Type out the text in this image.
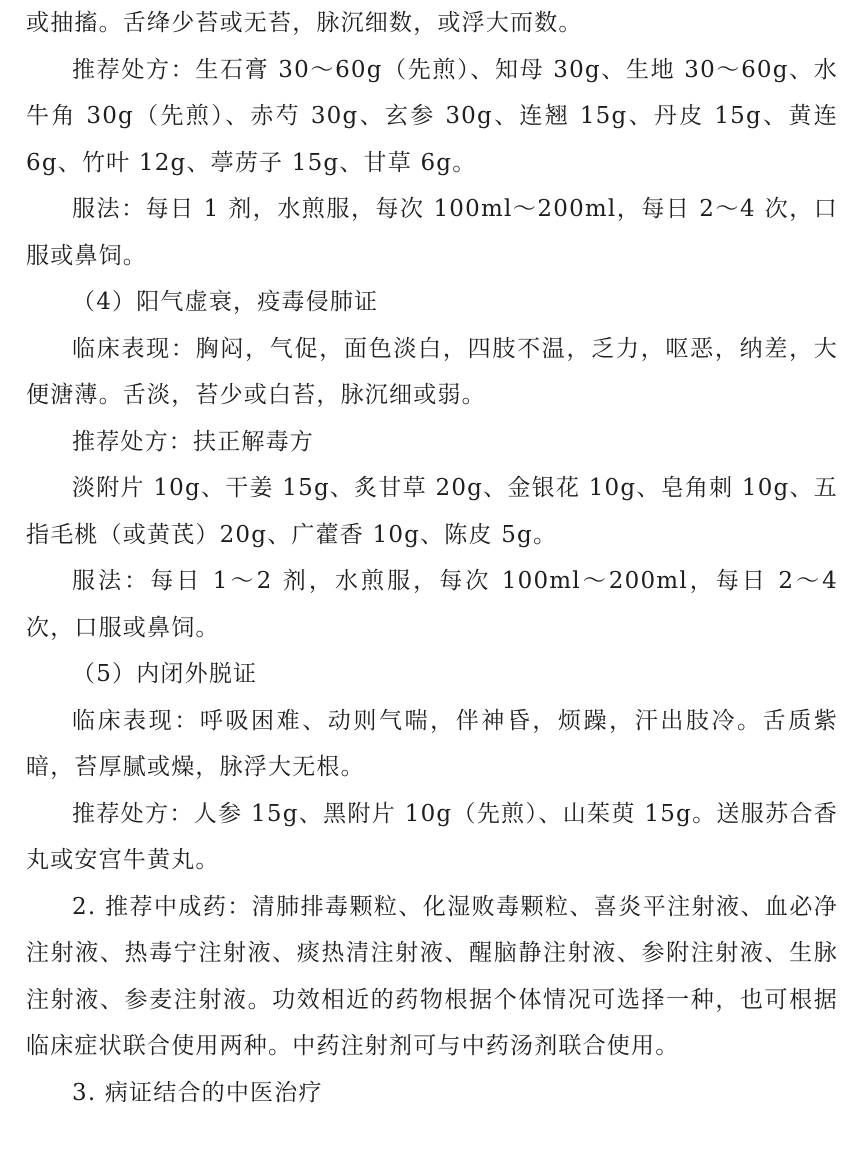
或抽搐。舌绛少苔或无苔，脉沉细数，或浮大而数。

推荐处方：生石膏 30～60g（先煎）、知母 30g、生地 30～60g、水牛角 30g（先煎）、赤芍 30g、玄参 30g、连翘 15g、丹皮 15g、黄连 6g、竹叶 12g、葶苈子 15g、甘草 6g。

服法：每日 1 剂，水煎服，每次 100ml～200ml，每日 2～4 次，口服或鼻饲。

（4）阳气虚衰，疫毒侵肺证

临床表现：胸闷，气促，面色淡白，四肢不温，乏力，呕恶，纳差，大便溏薄。舌淡，苔少或白苔，脉沉细或弱。

推荐处方：扶正解毒方

淡附片 10g、干姜 15g、炙甘草 20g、金银花 10g、皂角刺 10g、五指毛桃（或黄芪）20g、广藿香 10g、陈皮 5g。

服法：每日 1～2 剂，水煎服，每次 100ml～200ml，每日 2～4 次，口服或鼻饲。

（5）内闭外脱证

临床表现：呼吸困难、动则气喘，伴神昏，烦躁，汗出肢冷。舌质紫暗，苔厚腻或燥，脉浮大无根。

推荐处方：人参 15g、黑附片 10g（先煎）、山茱萸 15g。送服苏合香丸或安宫牛黄丸。

2. 推荐中成药：清肺排毒颗粒、化湿败毒颗粒、喜炎平注射液、血必净注射液、热毒宁注射液、痰热清注射液、醒脑静注射液、参附注射液、生脉注射液、参麦注射液。功效相近的药物根据个体情况可选择一种，也可根据临床症状联合使用两种。中药注射剂可与中药汤剂联合使用。

3. 病证结合的中医治疗
